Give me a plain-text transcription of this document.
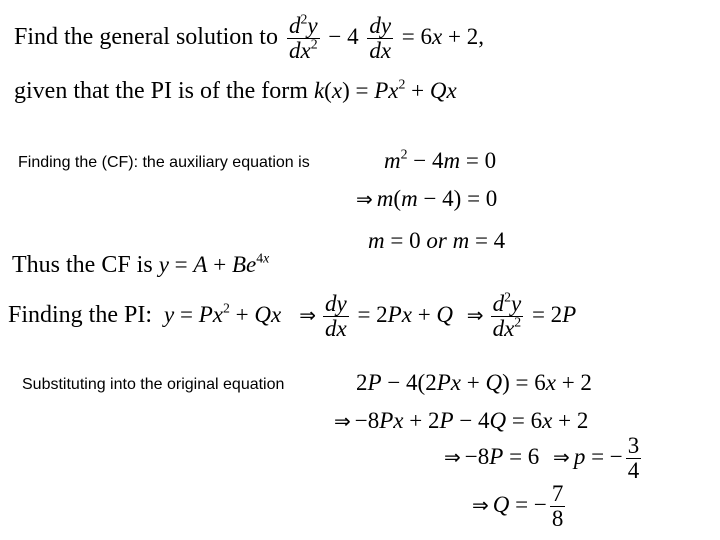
Find the general solution to $\frac{d^2y}{dx^2} - 4 \frac{dy}{dx} = 6x + 2$,
given that the PI is of the form $k(x) = Px^2 + Qx$
Finding the (CF): the auxiliary equation is	$m^2 - 4m = 0$
⇒ m(m − 4) = 0
m = 0 or m = 4
Thus the CF is $y = A + Be^{4x}$
Finding the PI: $y = Px^2 + Qx$ ⇒ $\frac{dy}{dx} = 2Px + Q$ ⇒ $\frac{d^2y}{dx^2} = 2P$
Substituting into the original equation	2P − 4(2Px + Q) = 6x + 2
⇒ −8Px + 2P − 4Q = 6x + 2
⇒ −8P = 6 ⇒ p = − $\frac{3}{4}$
⇒ Q = − $\frac{7}{8}$
